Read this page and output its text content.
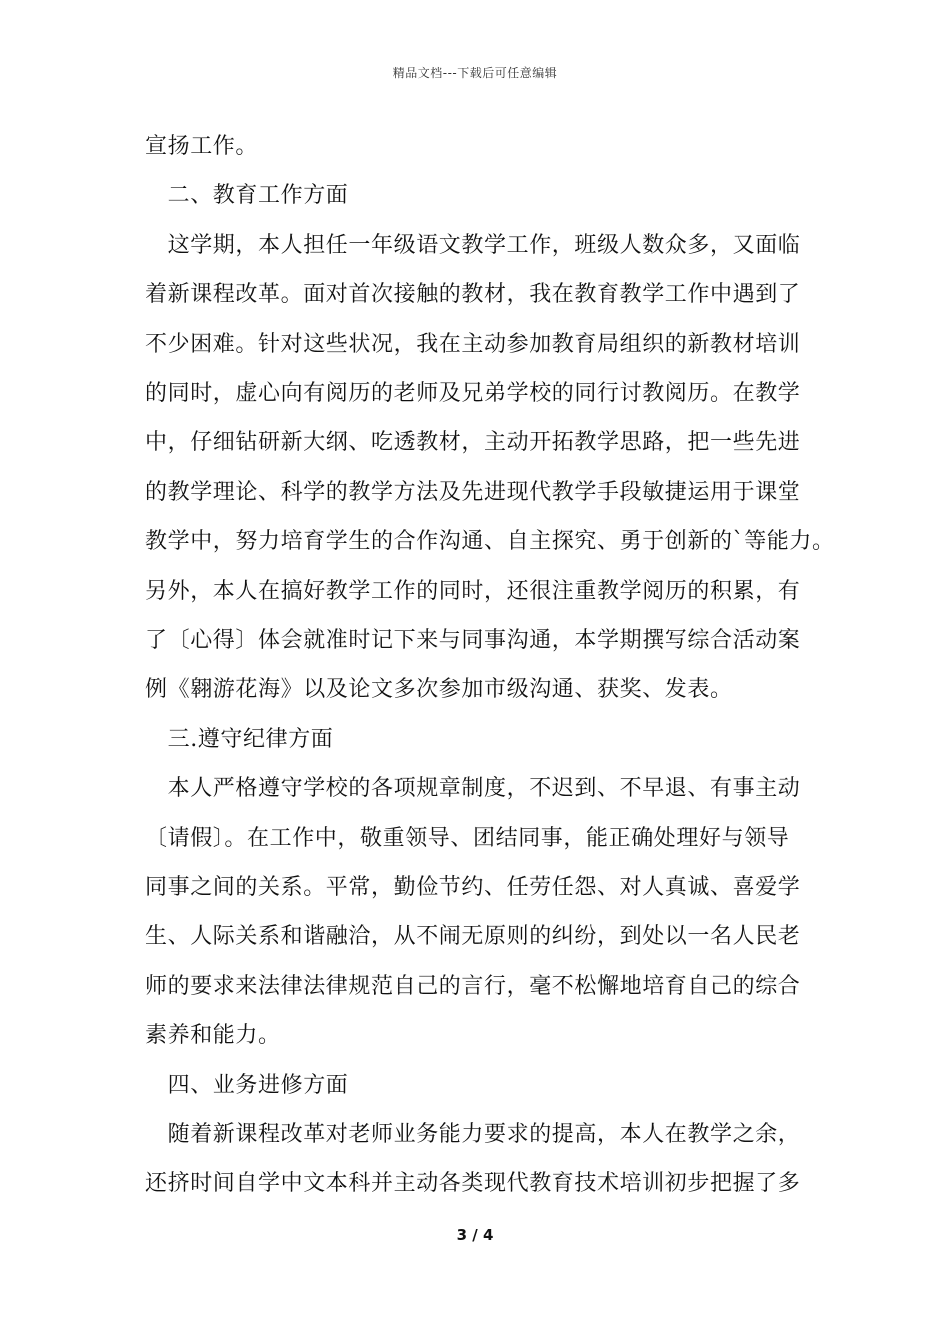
精品文档---下载后可任意编辑
宣扬工作。
　二、教育工作方面
　这学期，本人担任一年级语文教学工作，班级人数众多，又面临
着新课程改革。面对首次接触的教材，我在教育教学工作中遇到了
不少困难。针对这些状况，我在主动参加教育局组织的新教材培训
的同时，虚心向有阅历的老师及兄弟学校的同行讨教阅历。在教学
中，仔细钻研新大纲、吃透教材，主动开拓教学思路，把一些先进
的教学理论、科学的教学方法及先进现代教学手段敏捷运用于课堂
教学中，努力培育学生的合作沟通、自主探究、勇于创新的`等能力。
另外，本人在搞好教学工作的同时，还很注重教学阅历的积累，有
了〔心得〕体会就准时记下来与同事沟通，本学期撰写综合活动案
例《翱游花海》以及论文多次参加市级沟通、获奖、发表。
　三.遵守纪律方面
　本人严格遵守学校的各项规章制度，不迟到、不早退、有事主动
〔请假〕。在工作中，敬重领导、团结同事，能正确处理好与领导
同事之间的关系。平常，勤俭节约、任劳任怨、对人真诚、喜爱学
生、人际关系和谐融洽，从不闹无原则的纠纷，到处以一名人民老
师的要求来法律法律规范自己的言行，毫不松懈地培育自己的综合
素养和能力。
　四、业务进修方面
　随着新课程改革对老师业务能力要求的提高，本人在教学之余，
还挤时间自学中文本科并主动各类现代教育技术培训初步把握了多
3 / 4
